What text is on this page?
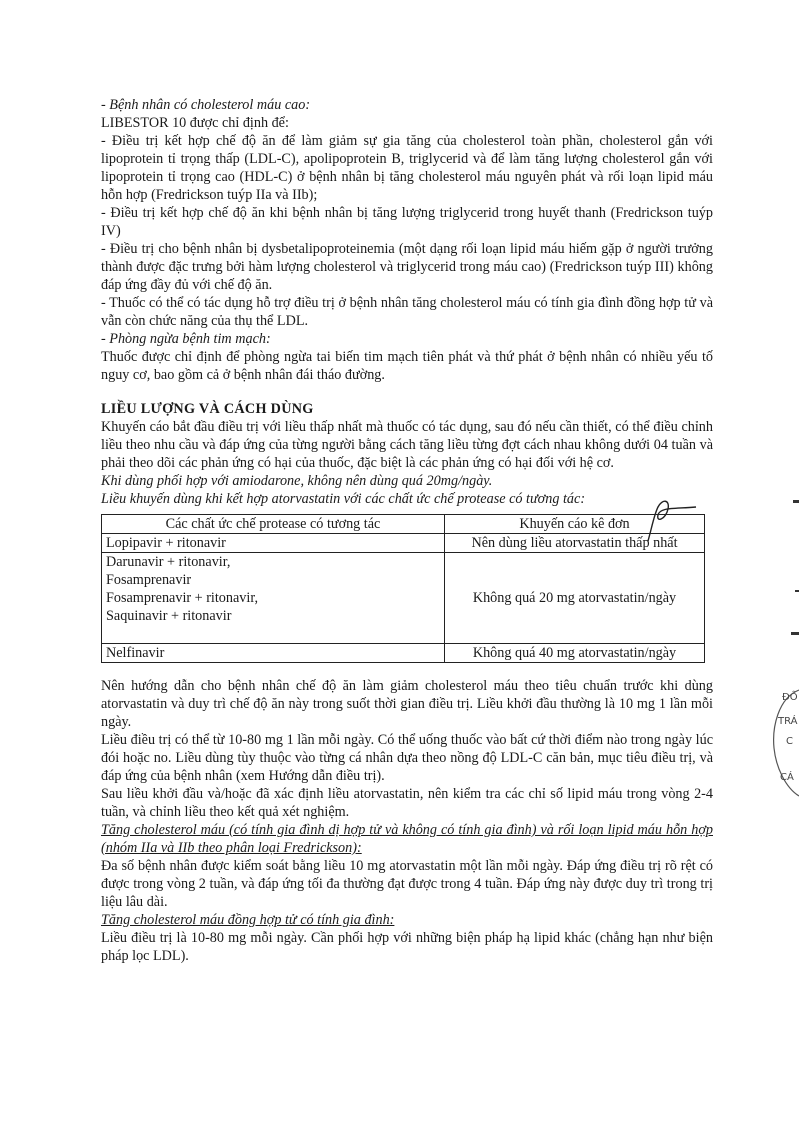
- Bệnh nhân có cholesterol máu cao:

LIBESTOR 10 được chỉ định để:

- Điều trị kết hợp chế độ ăn để làm giảm sự gia tăng của cholesterol toàn phần, cholesterol gắn với lipoprotein tỉ trọng thấp (LDL-C), apolipoprotein B, triglycerid và để làm tăng lượng cholesterol gắn với lipoprotein tỉ trọng cao (HDL-C) ở bệnh nhân bị tăng cholesterol máu nguyên phát và rối loạn lipid máu hỗn hợp (Fredrickson tuýp IIa và IIb);

- Điều trị kết hợp chế độ ăn khi bệnh nhân bị tăng lượng triglycerid trong huyết thanh (Fredrickson tuýp IV)

- Điều trị cho bệnh nhân bị dysbetalipoproteinemia (một dạng rối loạn lipid máu hiếm gặp ở người trưởng thành được đặc trưng bởi hàm lượng cholesterol và triglycerid trong máu cao) (Fredrickson tuýp III) không đáp ứng đầy đủ với chế độ ăn.

- Thuốc có thể có tác dụng hỗ trợ điều trị ở bệnh nhân tăng cholesterol máu có tính gia đình đồng hợp tử và vẫn còn chức năng của thụ thể LDL.

- Phòng ngừa bệnh tim mạch:

Thuốc được chỉ định để phòng ngừa tai biến tim mạch tiên phát và thứ phát ở bệnh nhân có nhiều yếu tố nguy cơ, bao gồm cả ở bệnh nhân đái tháo đường.

LIỀU LƯỢNG VÀ CÁCH DÙNG

Khuyến cáo bắt đầu điều trị với liều thấp nhất mà thuốc có tác dụng, sau đó nếu cần thiết, có thể điều chỉnh liều theo nhu cầu và đáp ứng của từng người bằng cách tăng liều từng đợt cách nhau không dưới 04 tuần và phải theo dõi các phản ứng có hại của thuốc, đặc biệt là các phản ứng có hại đối với hệ cơ.

Khi dùng phối hợp với amiodarone, không nên dùng quá 20mg/ngày.

Liều khuyến dùng khi kết hợp atorvastatin với các chất ức chế protease có tương tác:

Các chất ức chế protease có tương tác	Khuyến cáo kê đơn

Lopipavir + ritonavir	Nên dùng liều atorvastatin thấp nhất

Darunavir + ritonavir,
Fosamprenavir
Fosamprenavir + ritonavir,
Saquinavir + ritonavir	Không quá 20 mg atorvastatin/ngày

Nelfinavir	Không quá 40 mg atorvastatin/ngày

Nên hướng dẫn cho bệnh nhân chế độ ăn làm giảm cholesterol máu theo tiêu chuẩn trước khi dùng atorvastatin và duy trì chế độ ăn này trong suốt thời gian điều trị. Liều khởi đầu thường là 10 mg 1 lần mỗi ngày.

Liều điều trị có thể từ 10-80 mg 1 lần mỗi ngày. Có thể uống thuốc vào bất cứ thời điểm nào trong ngày lúc đói hoặc no. Liều dùng tùy thuộc vào từng cá nhân dựa theo nồng độ LDL-C căn bản, mục tiêu điều trị, và đáp ứng của bệnh nhân (xem Hướng dẫn điều trị).

Sau liều khởi đầu và/hoặc đã xác định liều atorvastatin, nên kiểm tra các chỉ số lipid máu trong vòng 2-4 tuần, và chỉnh liều theo kết quả xét nghiệm.

Tăng cholesterol máu (có tính gia đình dị hợp tử và không có tính gia đình) và rối loạn lipid máu hỗn hợp (nhóm IIa và IIb theo phân loại Fredrickson):

Đa số bệnh nhân được kiểm soát bằng liều 10 mg atorvastatin một lần mỗi ngày. Đáp ứng điều trị rõ rệt có được trong vòng 2 tuần, và đáp ứng tối đa thường đạt được trong 4 tuần. Đáp ứng này được duy trì trong trị liệu lâu dài.

Tăng cholesterol máu đồng hợp tử có tính gia đình:

Liều điều trị là 10-80 mg mỗi ngày. Cần phối hợp với những biện pháp hạ lipid khác (chẳng hạn như biện pháp lọc LDL).

ĐÔ
TRÁ
C
CÁ
